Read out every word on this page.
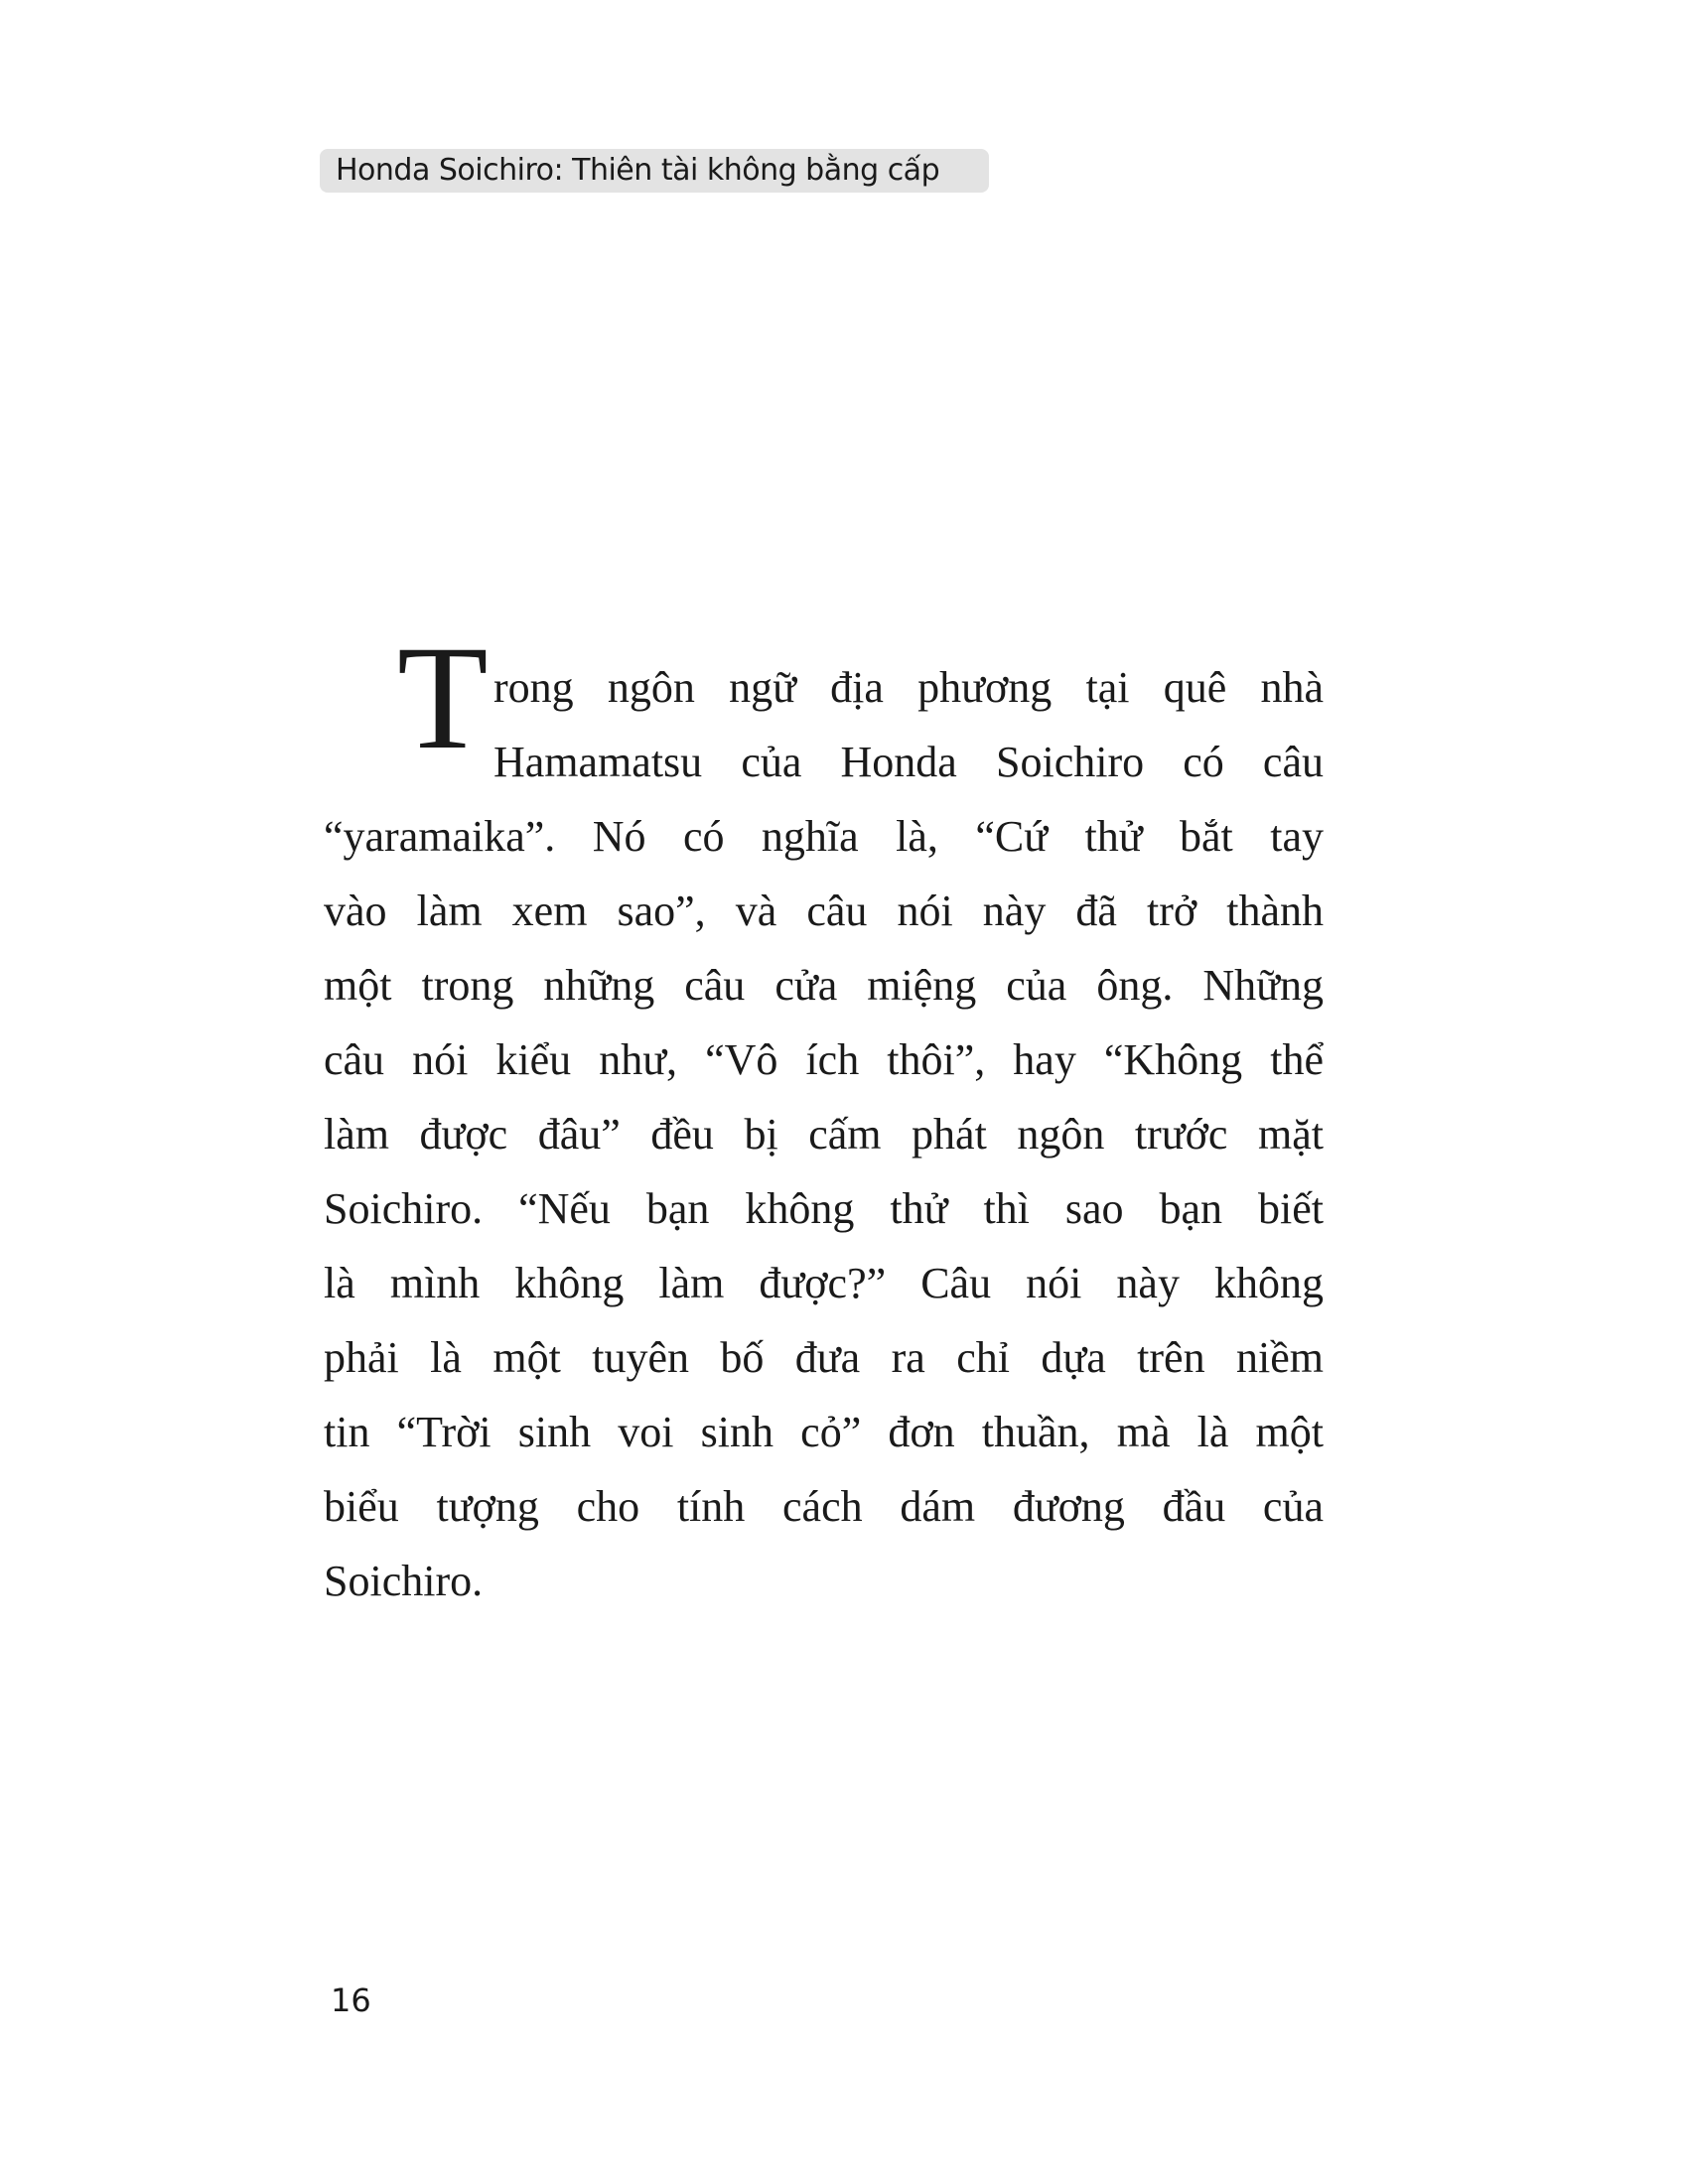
Honda Soichiro: Thiên tài không bằng cấp
T rong ngôn ngữ địa phương tại quê nhà
Hamamatsu của Honda Soichiro có câu
“yaramaika”. Nó có nghĩa là, “Cứ thử bắt tay
vào làm xem sao”, và câu nói này đã trở thành
một trong những câu cửa miệng của ông. Những
câu nói kiểu như, “Vô ích thôi”, hay “Không thể
làm được đâu” đều bị cấm phát ngôn trước mặt
Soichiro. “Nếu bạn không thử thì sao bạn biết
là mình không làm được?” Câu nói này không
phải là một tuyên bố đưa ra chỉ dựa trên niềm
tin “Trời sinh voi sinh cỏ” đơn thuần, mà là một
biểu tượng cho tính cách dám đương đầu của
Soichiro.
16
